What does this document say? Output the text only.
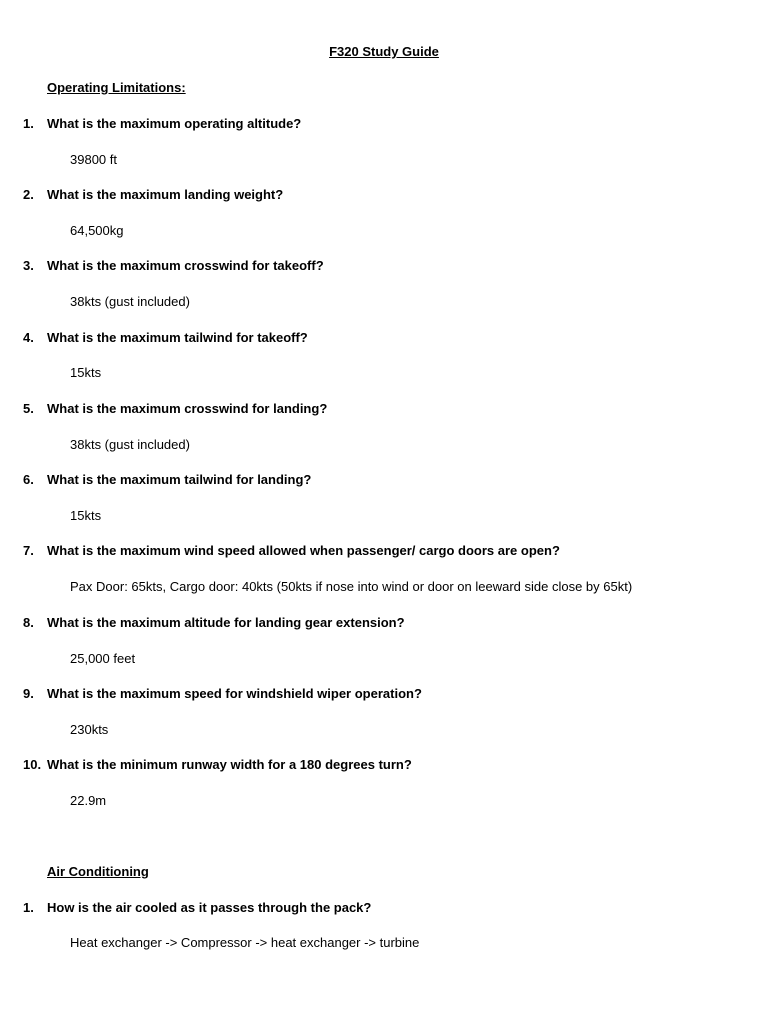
F320 Study Guide
Operating Limitations:
1. What is the maximum operating altitude?
39800 ft
2. What is the maximum landing weight?
64,500kg
3. What is the maximum crosswind for takeoff?
38kts (gust included)
4. What is the maximum tailwind for takeoff?
15kts
5. What is the maximum crosswind for landing?
38kts (gust included)
6. What is the maximum tailwind for landing?
15kts
7. What is the maximum wind speed allowed when passenger/ cargo doors are open?
Pax Door: 65kts, Cargo door: 40kts (50kts if nose into wind or door on leeward side close by 65kt)
8. What is the maximum altitude for landing gear extension?
25,000 feet
9. What is the maximum speed for windshield wiper operation?
230kts
10. What is the minimum runway width for a 180 degrees turn?
22.9m
Air Conditioning
1. How is the air cooled as it passes through the pack?
Heat exchanger -> Compressor -> heat exchanger -> turbine
